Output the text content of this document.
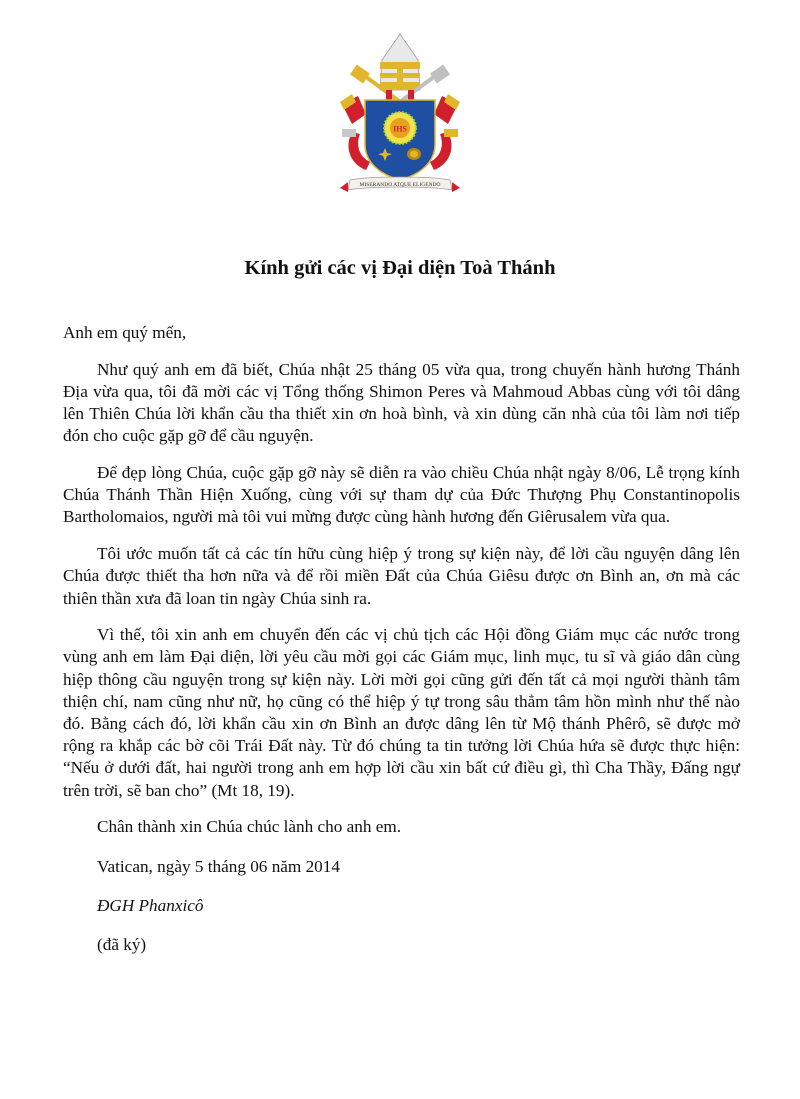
IHS
MISERANDO ATQUE ELIGENDO
Kính gửi các vị Đại diện Toà Thánh

Anh em quý mến,

Như quý anh em đã biết, Chúa nhật 25 tháng 05 vừa qua, trong chuyến hành hương Thánh Địa vừa qua, tôi đã mời các vị Tổng thống Shimon Peres và Mahmoud Abbas cùng với tôi dâng lên Thiên Chúa lời khẩn cầu tha thiết xin ơn hoà bình, và xin dùng căn nhà của tôi làm nơi tiếp đón cho cuộc gặp gỡ để cầu nguyện.

Để đẹp lòng Chúa, cuộc gặp gỡ này sẽ diễn ra vào chiều Chúa nhật ngày 8/06, Lễ trọng kính Chúa Thánh Thần Hiện Xuống, cùng với sự tham dự của Đức Thượng Phụ Constantinopolis Bartholomaios, người mà tôi vui mừng được cùng hành hương đến Giêrusalem vừa qua.

Tôi ước muốn tất cả các tín hữu cùng hiệp ý trong sự kiện này, để lời cầu nguyện dâng lên Chúa được thiết tha hơn nữa và để rồi miền Đất của Chúa Giêsu được ơn Bình an, ơn mà các thiên thần xưa đã loan tin ngày Chúa sinh ra.

Vì thế, tôi xin anh em chuyển đến các vị chủ tịch các Hội đồng Giám mục các nước trong vùng anh em làm Đại diện, lời yêu cầu mời gọi các Giám mục, linh mục, tu sĩ và giáo dân cùng hiệp thông cầu nguyện trong sự kiện này. Lời mời gọi cũng gửi đến tất cả mọi người thành tâm thiện chí, nam cũng như nữ, họ cũng có thể hiệp ý tự trong sâu thẳm tâm hồn mình như thế nào đó. Bằng cách đó, lời khẩn cầu xin ơn Bình an được dâng lên từ Mộ thánh Phêrô, sẽ được mở rộng ra khắp các bờ cõi Trái Đất này. Từ đó chúng ta tin tưởng lời Chúa hứa sẽ được thực hiện: “Nếu ở dưới đất, hai người trong anh em hợp lời cầu xin bất cứ điều gì, thì Cha Thầy, Đấng ngự trên trời, sẽ ban cho” (Mt 18, 19).

Chân thành xin Chúa chúc lành cho anh em.

Vatican, ngày 5 tháng 06 năm 2014

ĐGH Phanxicô

(đã ký)
